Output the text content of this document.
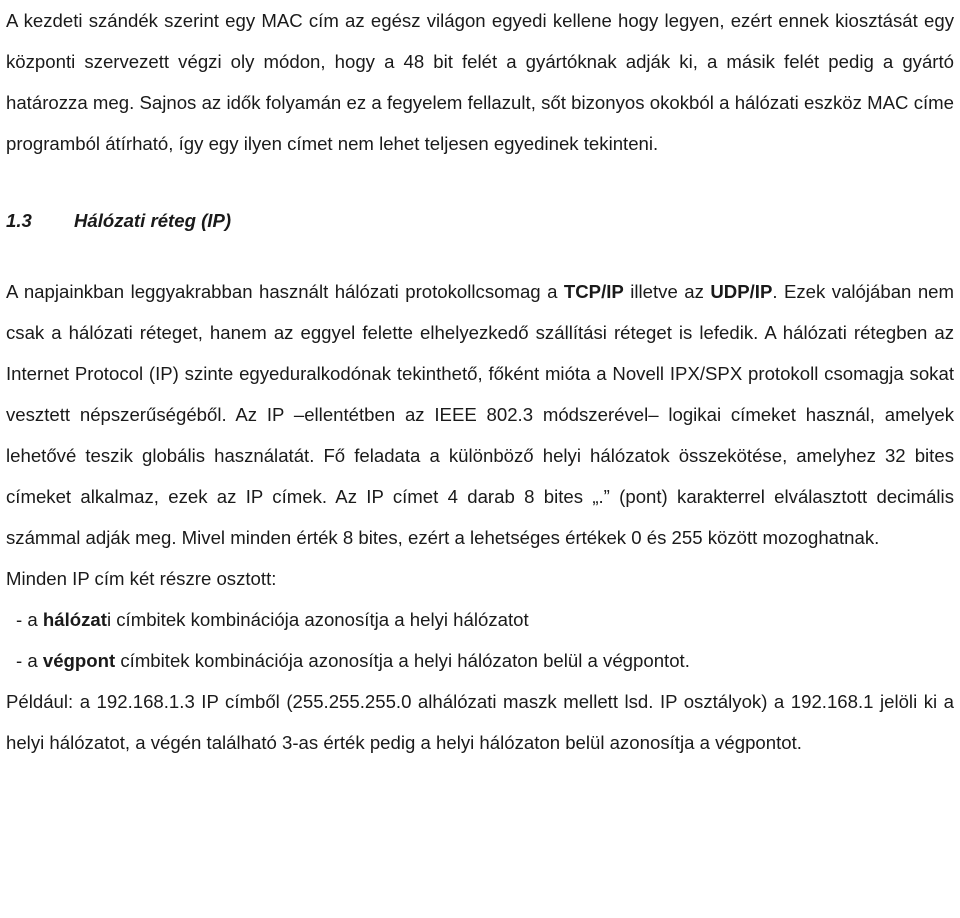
A kezdeti szándék szerint egy MAC cím az egész világon egyedi kellene hogy legyen, ezért ennek kiosztását egy központi szervezett végzi oly módon, hogy a 48 bit felét a gyártóknak adják ki, a másik felét pedig a gyártó határozza meg. Sajnos az idők folyamán ez a fegyelem fellazult, sőt bizonyos okokból a hálózati eszköz MAC címe programból átírható, így egy ilyen címet nem lehet teljesen egyedinek tekinteni.

1.3 Hálózati réteg (IP)

A napjainkban leggyakrabban használt hálózati protokollcsomag a TCP/IP illetve az UDP/IP. Ezek valójában nem csak a hálózati réteget, hanem az eggyel felette elhelyezkedő szállítási réteget is lefedik. A hálózati rétegben az Internet Protocol (IP) szinte egyeduralkodónak tekinthető, főként mióta a Novell IPX/SPX protokoll csomagja sokat vesztett népszerűségéből. Az IP –ellentétben az IEEE 802.3 módszerével– logikai címeket használ, amelyek lehetővé teszik globális használatát. Fő feladata a különböző helyi hálózatok összekötése, amelyhez 32 bites címeket alkalmaz, ezek az IP címek. Az IP címet 4 darab 8 bites „.” (pont) karakterrel elválasztott decimális számmal adják meg. Mivel minden érték 8 bites, ezért a lehetséges értékek 0 és 255 között mozoghatnak.

Minden IP cím két részre osztott:

- a hálózati címbitek kombinációja azonosítja a helyi hálózatot

- a végpont címbitek kombinációja azonosítja a helyi hálózaton belül a végpontot.

Például: a 192.168.1.3 IP címből (255.255.255.0 alhálózati maszk mellett lsd. IP osztályok) a 192.168.1 jelöli ki a helyi hálózatot, a végén található 3-as érték pedig a helyi hálózaton belül azonosítja a végpontot.
